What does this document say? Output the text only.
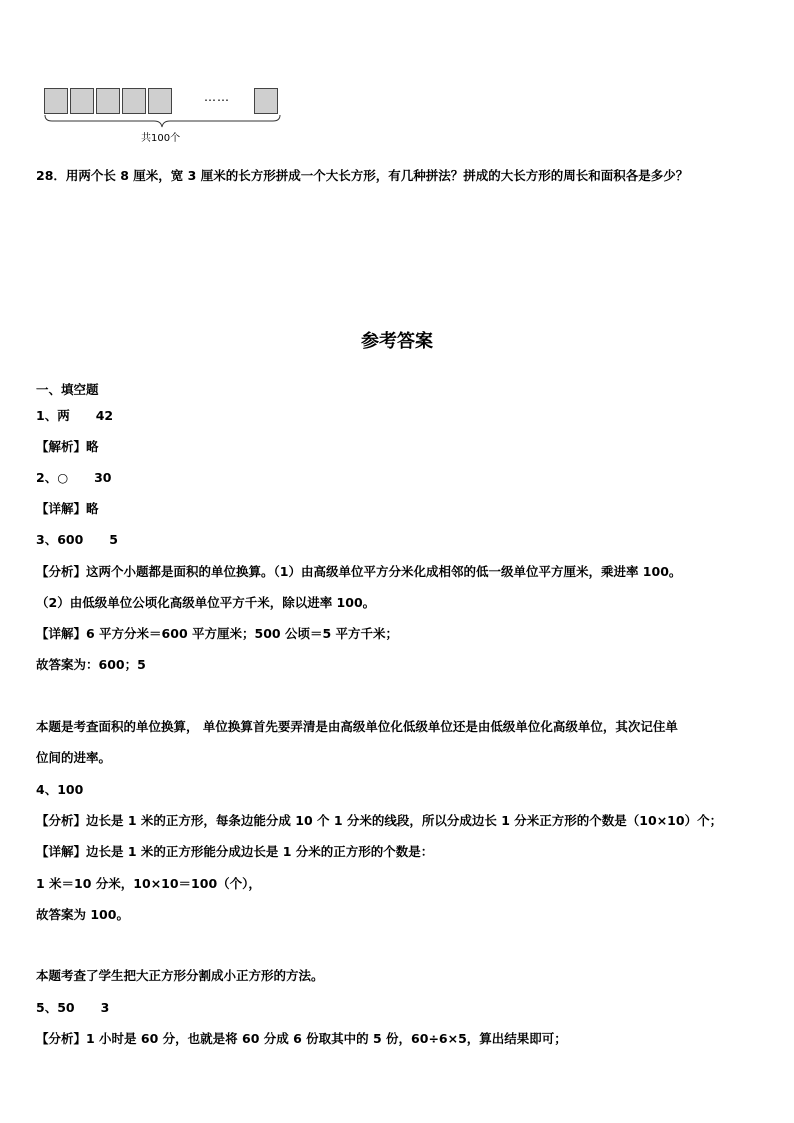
……
共100个
28．用两个长 8 厘米，宽 3 厘米的长方形拼成一个大长方形，有几种拼法？拼成的大长方形的周长和面积各是多少？
参考答案
一、填空题
1、两 42
【解析】略
2、○ 30
【详解】略
3、600 5
【分析】这两个小题都是面积的单位换算。（1）由高级单位平方分米化成相邻的低一级单位平方厘米，乘进率 100。
（2）由低级单位公顷化高级单位平方千米，除以进率 100。
【详解】6 平方分米＝600 平方厘米；500 公顷＝5 平方千米；
故答案为：600；5
本题是考查面积的单位换算， 单位换算首先要弄清是由高级单位化低级单位还是由低级单位化高级单位，其次记住单
位间的进率。
4、100
【分析】边长是 1 米的正方形，每条边能分成 10 个 1 分米的线段，所以分成边长 1 分米正方形的个数是（10×10）个；
【详解】边长是 1 米的正方形能分成边长是 1 分米的正方形的个数是：
1 米＝10 分米，10×10＝100（个），
故答案为 100。
本题考查了学生把大正方形分割成小正方形的方法。
5、50 3
【分析】1 小时是 60 分，也就是将 60 分成 6 份取其中的 5 份，60÷6×5，算出结果即可；
